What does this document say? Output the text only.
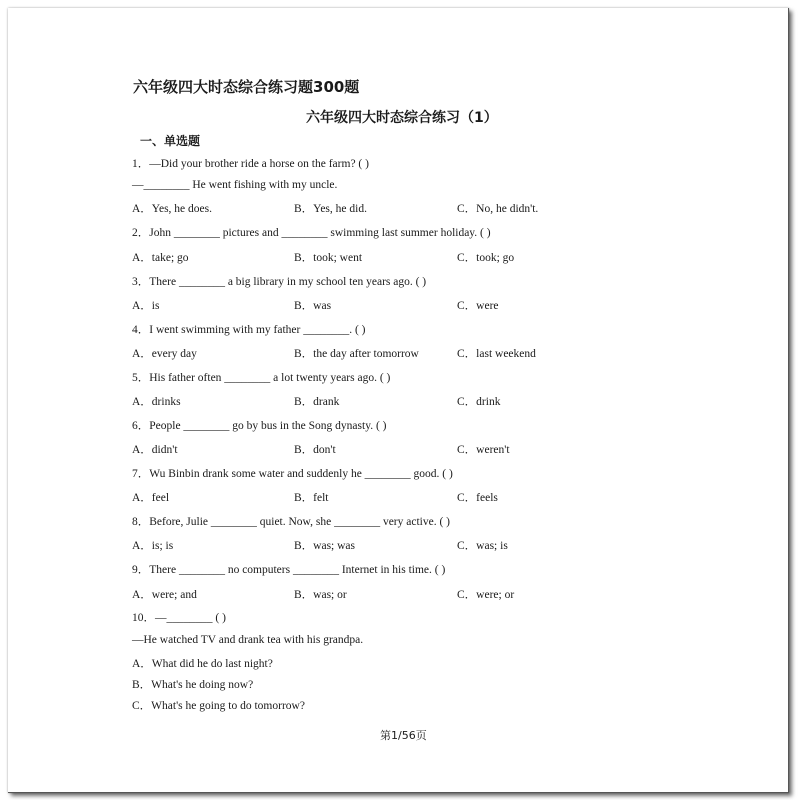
六年级四大时态综合练习题300题
六年级四大时态综合练习（1）
一、单选题
1．—Did your brother ride a horse on the farm? ( )
—________ He went fishing with my uncle.
A．Yes, he does.	B．Yes, he did.	C．No, he didn't.
2．John ________ pictures and ________ swimming last summer holiday. ( )
A．take; go	B．took; went	C．took; go
3．There ________ a big library in my school ten years ago. ( )
A．is	B．was	C．were
4．I went swimming with my father ________. ( )
A．every day	B．the day after tomorrow	C．last weekend
5．His father often ________ a lot twenty years ago. ( )
A．drinks	B．drank	C．drink
6．People ________ go by bus in the Song dynasty. ( )
A．didn't	B．don't	C．weren't
7．Wu Binbin drank some water and suddenly he ________ good. ( )
A．feel	B．felt	C．feels
8．Before, Julie ________ quiet. Now, she ________ very active. ( )
A．is; is	B．was; was	C．was; is
9．There ________ no computers ________ Internet in his time. ( )
A．were; and	B．was; or	C．were; or
10．—________ ( )
—He watched TV and drank tea with his grandpa.
A．What did he do last night?
B．What's he doing now?
C．What's he going to do tomorrow?
第1/56页
